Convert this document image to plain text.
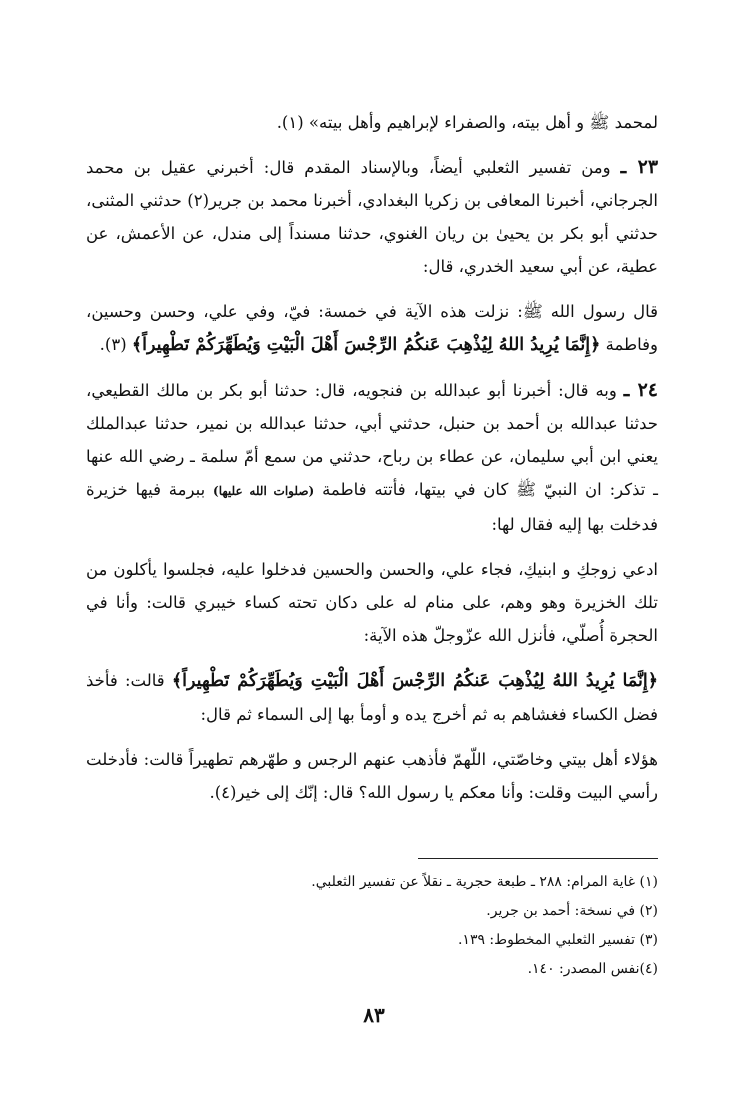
لمحمد ﷺ و أهل بيته، والصفراء لإبراهيم وأهل بيته» (١).

٢٣ ـ ومن تفسير الثعلبي أيضاً، وبالإسناد المقدم قال: أخبرني عقيل بن محمد الجرجاني، أخبرنا المعافى بن زكريا البغدادي، أخبرنا محمد بن جرير(٢) حدثني المثنى، حدثني أبو بكر بن يحيىٰ بن ريان الغنوي، حدثنا مسنداً إلى مندل، عن الأعمش، عن عطية، عن أبي سعيد الخدري، قال:

قال رسول الله ﷺ: نزلت هذه الآية في خمسة: فيّ، وفي علي، وحسن وحسين، وفاطمة ﴿إِنَّمَا يُرِيدُ اللهُ لِيُذْهِبَ عَنكُمُ الرِّجْسَ أَهْلَ الْبَيْتِ وَيُطَهِّرَكُمْ تَطْهِيراً﴾ (٣).

٢٤ ـ وبه قال: أخبرنا أبو عبدالله بن فنجويه، قال: حدثنا أبو بكر بن مالك القطيعي، حدثنا عبدالله بن أحمد بن حنبل، حدثني أبي، حدثنا عبدالله بن نمير، حدثنا عبدالملك يعني ابن أبي سليمان، عن عطاء بن رباح، حدثني من سمع أمّ سلمة ـ رضي الله عنها ـ تذكر: ان النبيّ ﷺ كان في بيتها، فأتته فاطمة (صلوات الله عليها) ببرمة فيها خزيرة فدخلت بها إليه فقال لها:

ادعي زوجكِ و ابنيكِ، فجاء علي، والحسن والحسين فدخلوا عليه، فجلسوا يأكلون من تلك الخزيرة وهو وهم، على منام له على دكان تحته كساء خيبري قالت: وأنا في الحجرة أُصلّي، فأنزل الله عزّوجلّ هذه الآية:

﴿إِنَّمَا يُرِيدُ اللهُ لِيُذْهِبَ عَنكُمُ الرِّجْسَ أَهْلَ الْبَيْتِ وَيُطَهِّرَكُمْ تَطْهِيراً﴾ قالت: فأخذ فضل الكساء فغشاهم به ثم أخرج يده و أومأ بها إلى السماء ثم قال:

هؤلاء أهل بيتي وخاصّتي، اللّهمّ فأذهب عنهم الرجس و طهّرهم تطهيراً قالت: فأدخلت رأسي البيت وقلت: وأنا معكم يا رسول الله؟ قال: إنّك إلى خير(٤).

(١) غاية المرام: ٢٨٨ ـ طبعة حجرية ـ نقلاً عن تفسير الثعلبي.

(٢) في نسخة: أحمد بن جرير.

(٣) تفسير الثعلبي المخطوط: ١٣٩.

(٤)نفس المصدر: ١٤٠.

٨٣
